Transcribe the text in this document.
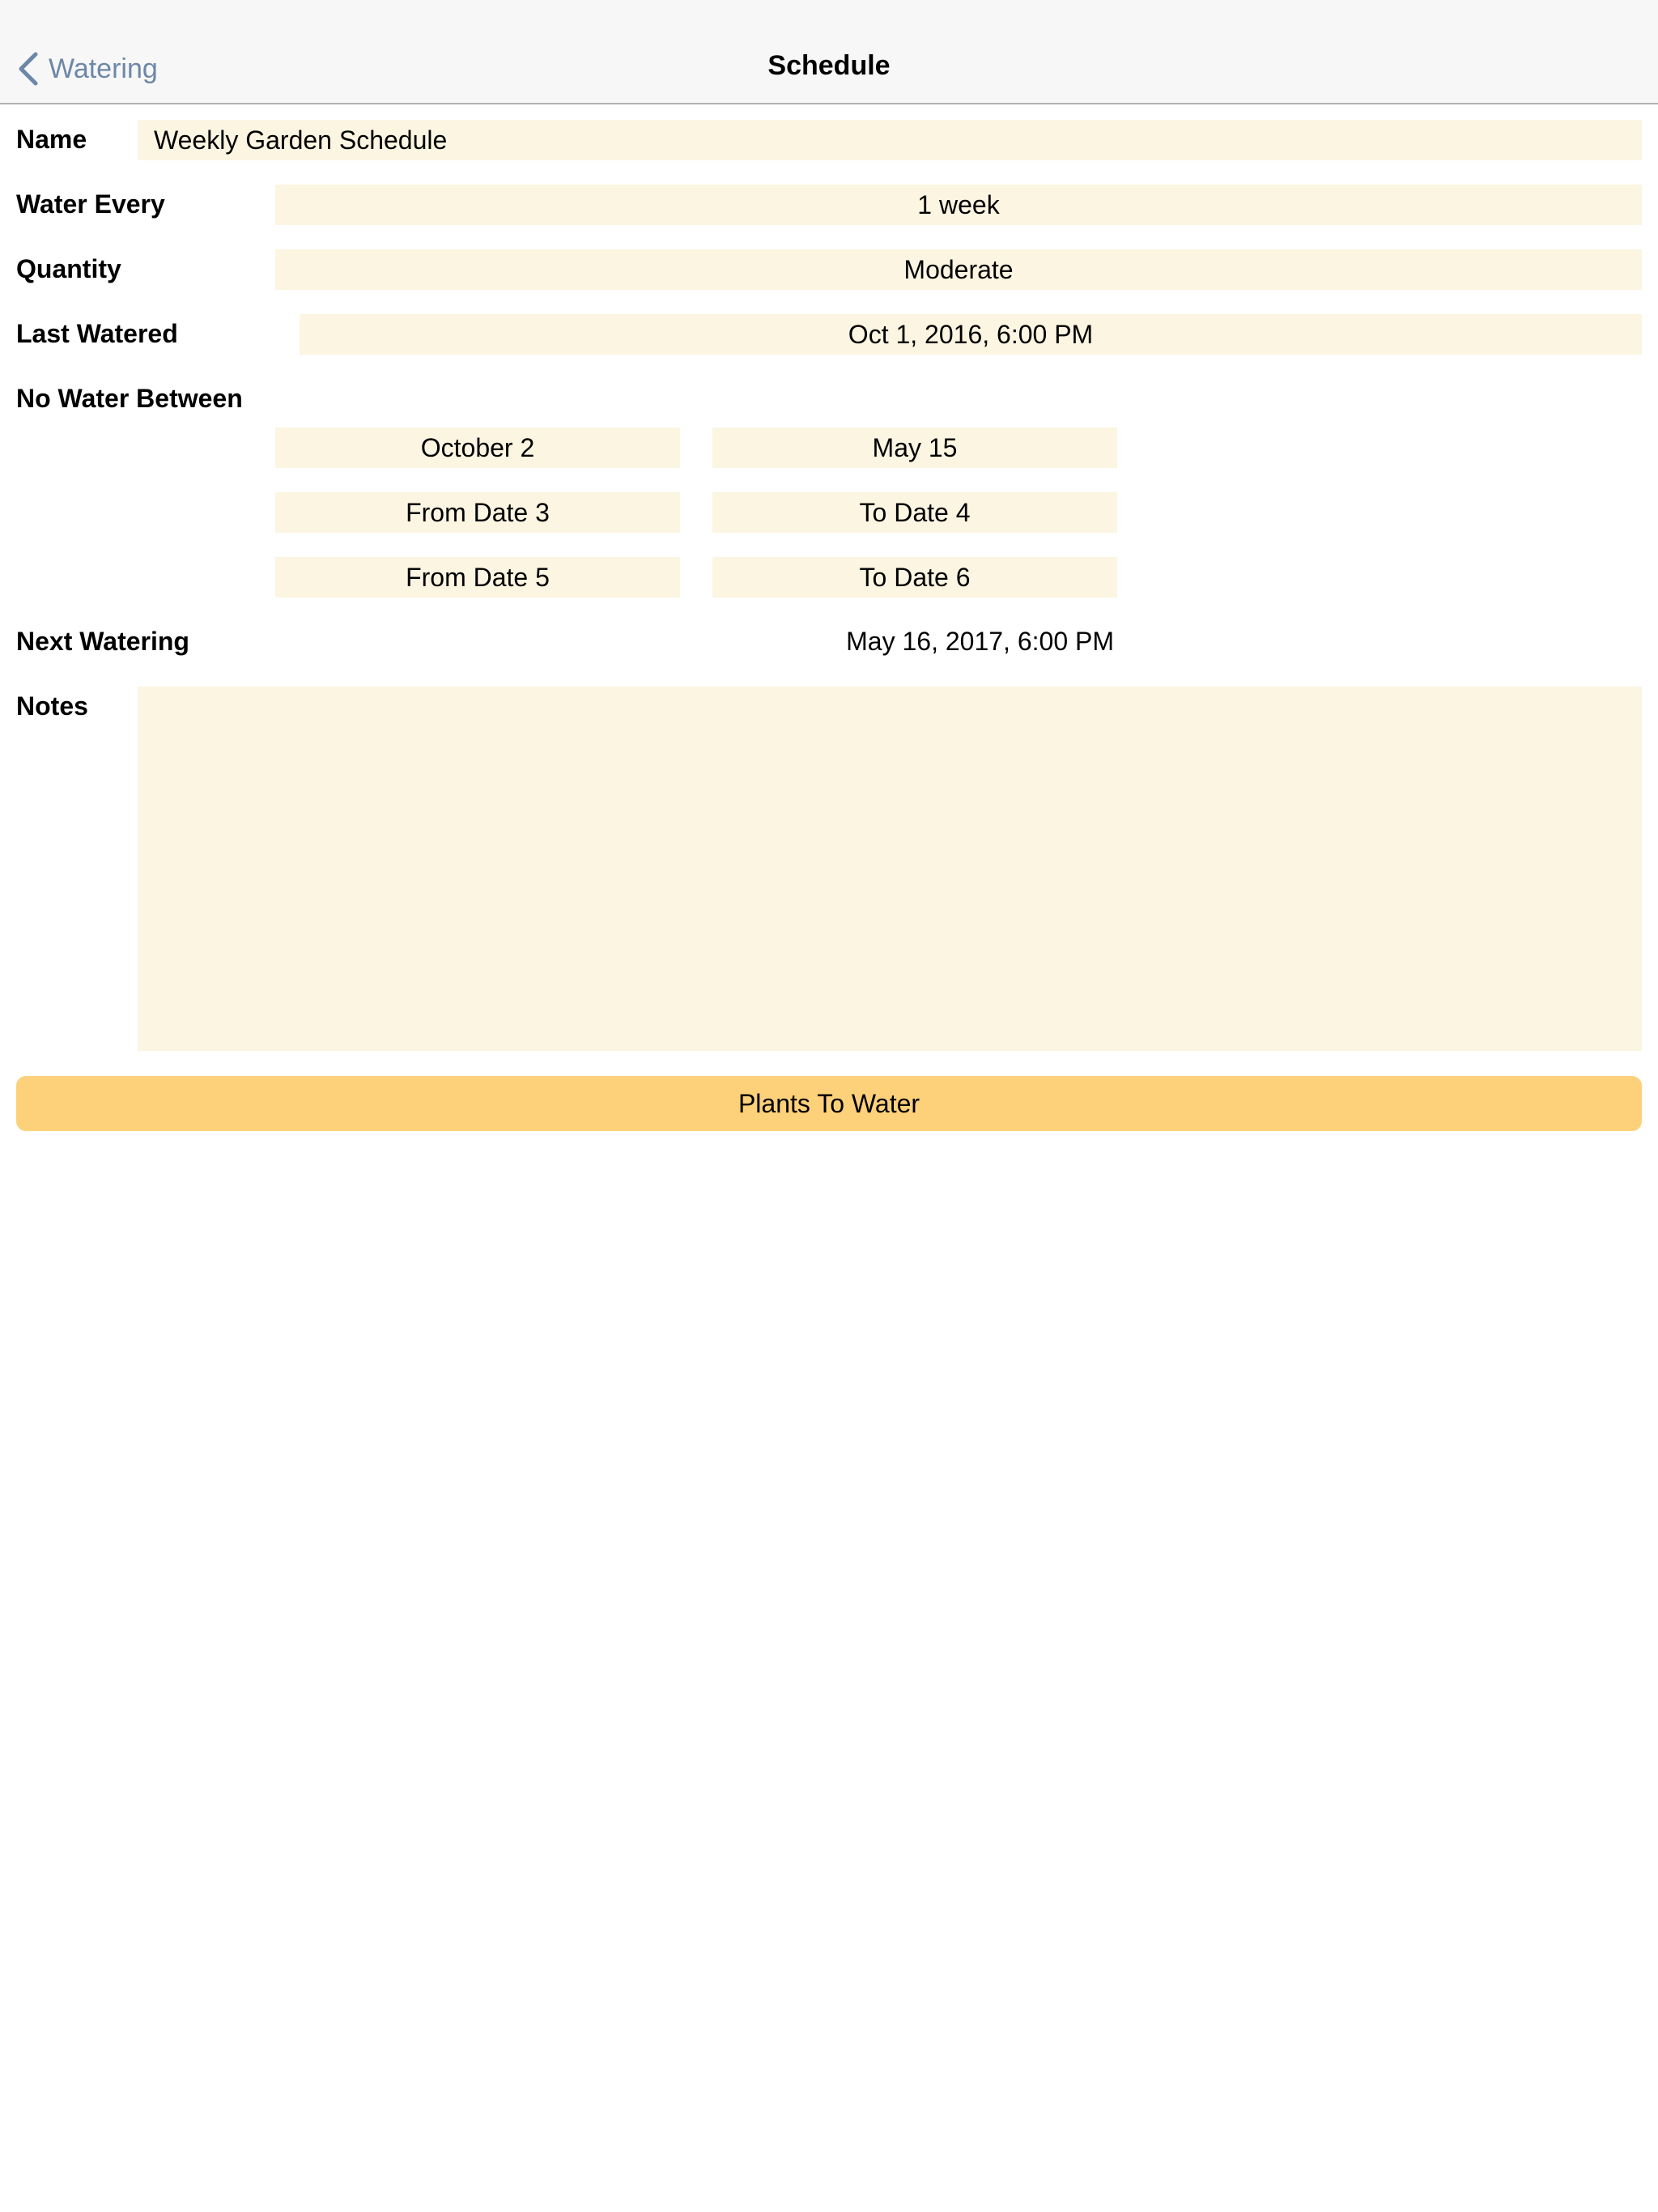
Watering	Schedule
Name	Weekly Garden Schedule
Water Every	1 week
Quantity	Moderate
Last Watered	Oct 1, 2016, 6:00 PM
No Water Between
October 2	May 15
From Date 3	To Date 4
From Date 5	To Date 6
Next Watering	May 16, 2017, 6:00 PM
Notes
Plants To Water
